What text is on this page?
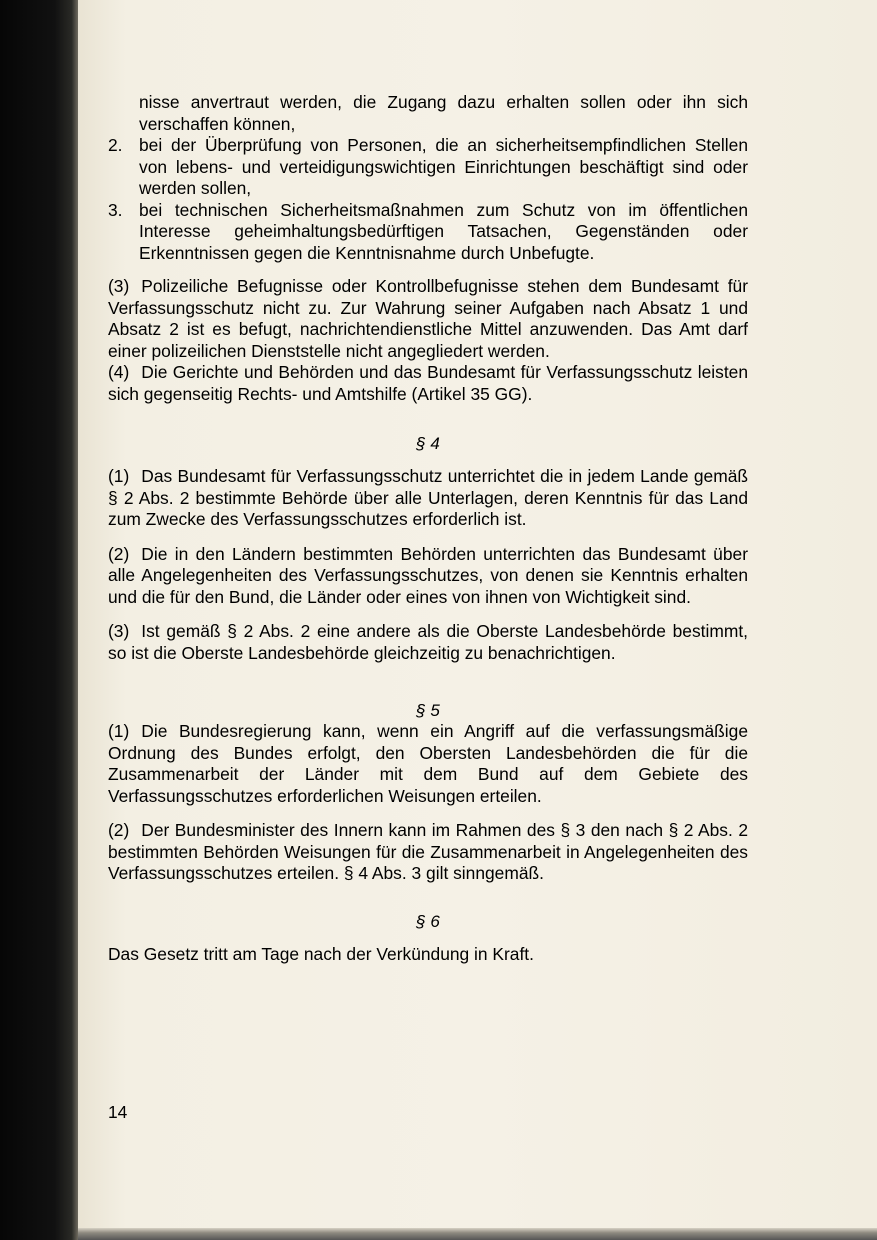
nisse anvertraut werden, die Zugang dazu erhalten sollen oder ihn sich verschaffen können,

2. bei der Überprüfung von Personen, die an sicherheitsempfindlichen Stellen von lebens- und verteidigungswichtigen Einrichtungen beschäftigt sind oder werden sollen,
3. bei technischen Sicherheitsmaßnahmen zum Schutz von im öffentlichen Interesse geheimhaltungsbedürftigen Tatsachen, Gegenständen oder Erkenntnissen gegen die Kenntnisnahme durch Unbefugte.

(3) Polizeiliche Befugnisse oder Kontrollbefugnisse stehen dem Bundesamt für Verfassungsschutz nicht zu. Zur Wahrung seiner Aufgaben nach Absatz 1 und Absatz 2 ist es befugt, nachrichtendienstliche Mittel anzuwenden. Das Amt darf einer polizeilichen Dienststelle nicht angegliedert werden.

(4) Die Gerichte und Behörden und das Bundesamt für Verfassungsschutz leisten sich gegenseitig Rechts- und Amtshilfe (Artikel 35 GG).

§ 4

(1) Das Bundesamt für Verfassungsschutz unterrichtet die in jedem Lande gemäß § 2 Abs. 2 bestimmte Behörde über alle Unterlagen, deren Kenntnis für das Land zum Zwecke des Verfassungsschutzes erforderlich ist.

(2) Die in den Ländern bestimmten Behörden unterrichten das Bundesamt über alle Angelegenheiten des Verfassungsschutzes, von denen sie Kenntnis erhalten und die für den Bund, die Länder oder eines von ihnen von Wichtigkeit sind.

(3) Ist gemäß § 2 Abs. 2 eine andere als die Oberste Landesbehörde bestimmt, so ist die Oberste Landesbehörde gleichzeitig zu benachrichtigen.

§ 5

(1) Die Bundesregierung kann, wenn ein Angriff auf die verfassungsmäßige Ordnung des Bundes erfolgt, den Obersten Landesbehörden die für die Zusammenarbeit der Länder mit dem Bund auf dem Gebiete des Verfassungsschutzes erforderlichen Weisungen erteilen.

(2) Der Bundesminister des Innern kann im Rahmen des § 3 den nach § 2 Abs. 2 bestimmten Behörden Weisungen für die Zusammenarbeit in Angelegenheiten des Verfassungsschutzes erteilen. § 4 Abs. 3 gilt sinngemäß.

§ 6

Das Gesetz tritt am Tage nach der Verkündung in Kraft.

14
